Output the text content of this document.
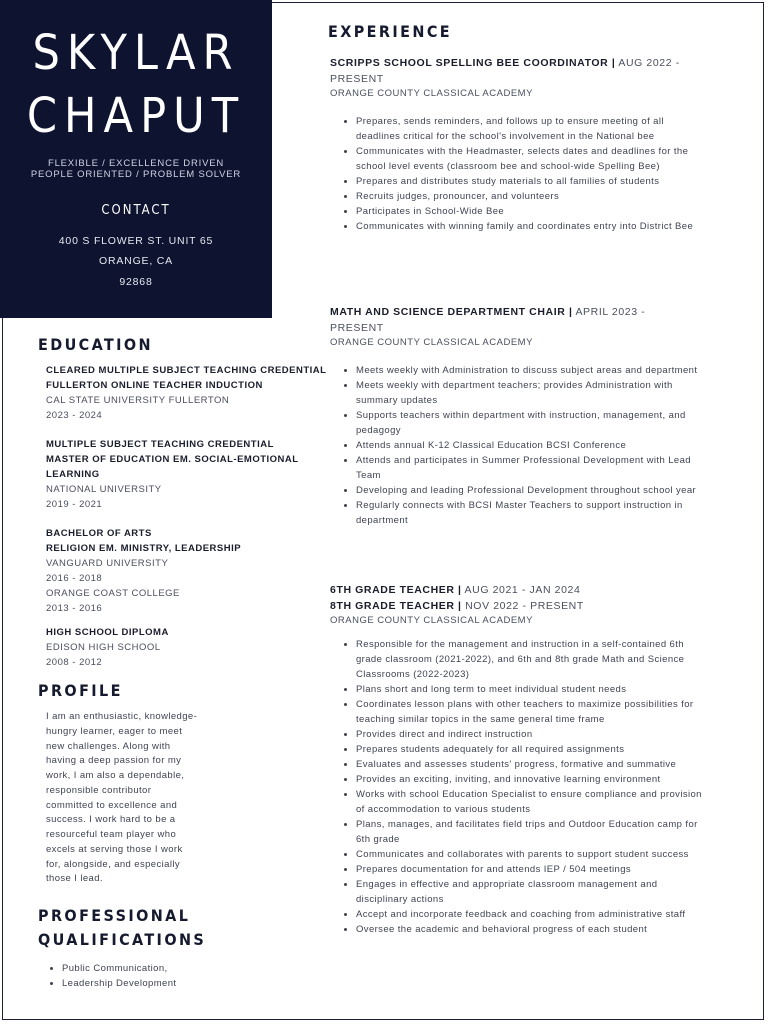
SKYLAR
CHAPUT
FLEXIBLE / EXCELLENCE DRIVEN
PEOPLE ORIENTED / PROBLEM SOLVER
CONTACT
400 S FLOWER ST. UNIT 65
ORANGE, CA
92868
EDUCATION
CLEARED MULTIPLE SUBJECT TEACHING CREDENTIAL
FULLERTON ONLINE TEACHER INDUCTION
CAL STATE UNIVERSITY FULLERTON
2023 - 2024
MULTIPLE SUBJECT TEACHING CREDENTIAL
MASTER OF EDUCATION EM. SOCIAL-EMOTIONAL
LEARNING
NATIONAL UNIVERSITY
2019 - 2021
BACHELOR OF ARTS
RELIGION EM. MINISTRY, LEADERSHIP
VANGUARD UNIVERSITY
2016 - 2018
ORANGE COAST COLLEGE
2013 - 2016
HIGH SCHOOL DIPLOMA
EDISON HIGH SCHOOL
2008 - 2012
PROFILE
I am an enthusiastic, knowledge-
hungry learner, eager to meet
new challenges. Along with
having a deep passion for my
work, I am also a dependable,
responsible contributor
committed to excellence and
success. I work hard to be a
resourceful team player who
excels at serving those I work
for, alongside, and especially
those I lead.
PROFESSIONAL
QUALIFICATIONS
• Public Communication,
• Leadership Development
EXPERIENCE
SCRIPPS SCHOOL SPELLING BEE COORDINATOR | AUG 2022 -
PRESENT
ORANGE COUNTY CLASSICAL ACADEMY
• Prepares, sends reminders, and follows up to ensure meeting of all deadlines critical for the school's involvement in the National bee
• Communicates with the Headmaster, selects dates and deadlines for the school level events (classroom bee and school-wide Spelling Bee)
• Prepares and distributes study materials to all families of students
• Recruits judges, pronouncer, and volunteers
• Participates in School-Wide Bee
• Communicates with winning family and coordinates entry into District Bee
MATH AND SCIENCE DEPARTMENT CHAIR | APRIL 2023 -
PRESENT
ORANGE COUNTY CLASSICAL ACADEMY
• Meets weekly with Administration to discuss subject areas and department
• Meets weekly with department teachers; provides Administration with summary updates
• Supports teachers within department with instruction, management, and pedagogy
• Attends annual K-12 Classical Education BCSI Conference
• Attends and participates in Summer Professional Development with Lead Team
• Developing and leading Professional Development throughout school year
• Regularly connects with BCSI Master Teachers to support instruction in department
6TH GRADE TEACHER | AUG 2021 - JAN 2024
8TH GRADE TEACHER | NOV 2022 - PRESENT
ORANGE COUNTY CLASSICAL ACADEMY
• Responsible for the management and instruction in a self-contained 6th grade classroom (2021-2022), and 6th and 8th grade Math and Science Classrooms (2022-2023)
• Plans short and long term to meet individual student needs
• Coordinates lesson plans with other teachers to maximize possibilities for teaching similar topics in the same general time frame
• Provides direct and indirect instruction
• Prepares students adequately for all required assignments
• Evaluates and assesses students' progress, formative and summative
• Provides an exciting, inviting, and innovative learning environment
• Works with school Education Specialist to ensure compliance and provision of accommodation to various students
• Plans, manages, and facilitates field trips and Outdoor Education camp for 6th grade
• Communicates and collaborates with parents to support student success
• Prepares documentation for and attends IEP / 504 meetings
• Engages in effective and appropriate classroom management and disciplinary actions
• Accept and incorporate feedback and coaching from administrative staff
• Oversee the academic and behavioral progress of each student
